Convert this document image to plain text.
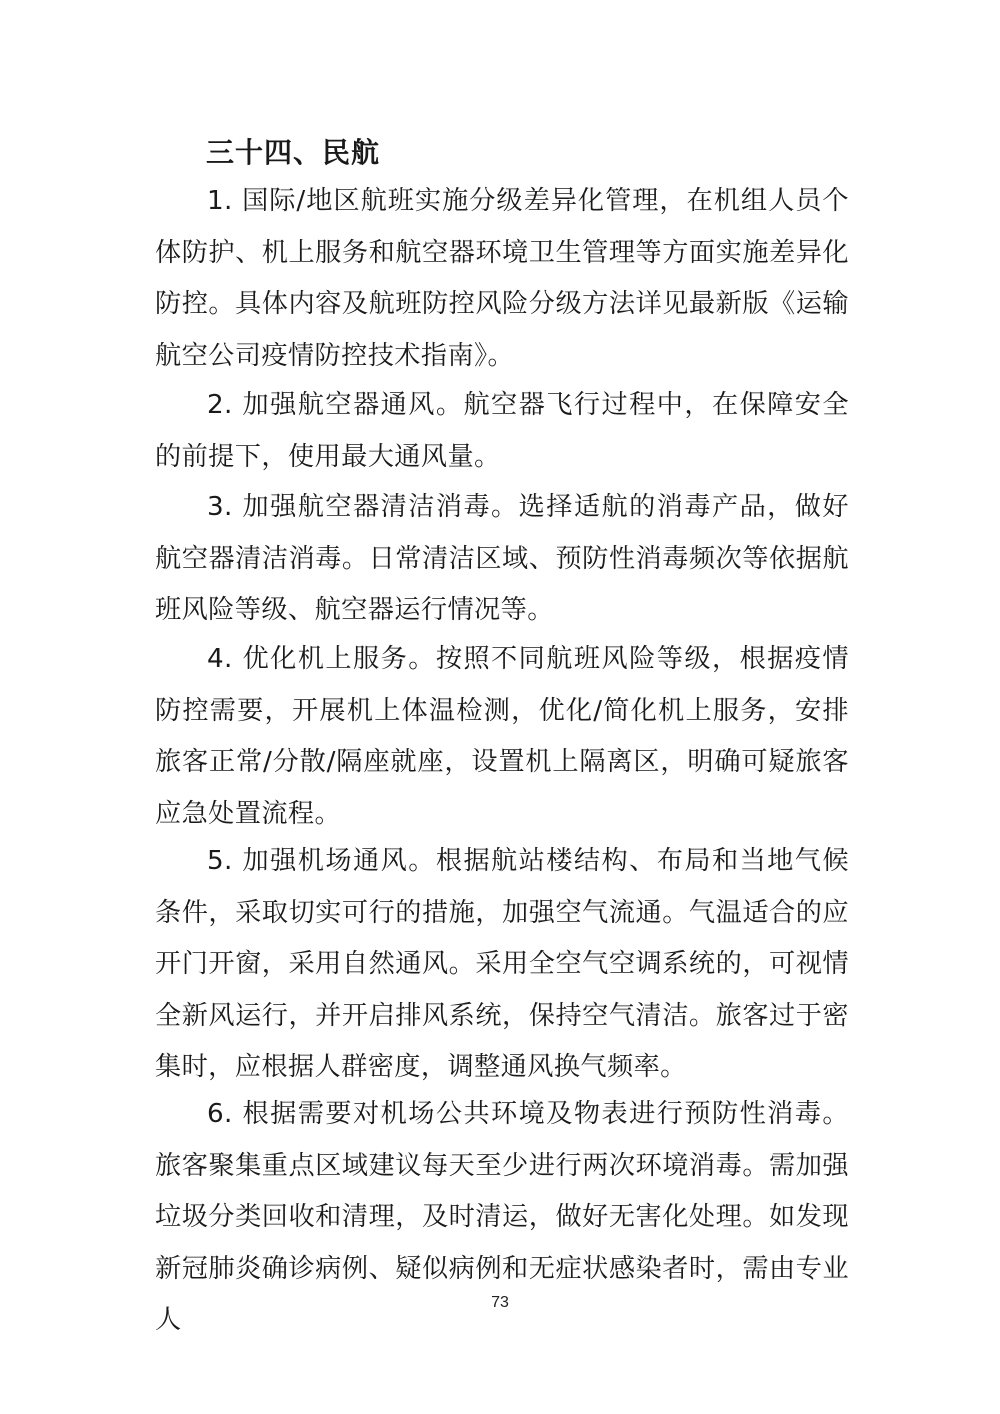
三十四、民航

1. 国际/地区航班实施分级差异化管理，在机组人员个体防护、机上服务和航空器环境卫生管理等方面实施差异化防控。具体内容及航班防控风险分级方法详见最新版《运输航空公司疫情防控技术指南》。

2. 加强航空器通风。航空器飞行过程中，在保障安全的前提下，使用最大通风量。

3. 加强航空器清洁消毒。选择适航的消毒产品，做好航空器清洁消毒。日常清洁区域、预防性消毒频次等依据航班风险等级、航空器运行情况等。

4. 优化机上服务。按照不同航班风险等级，根据疫情防控需要，开展机上体温检测，优化/简化机上服务，安排旅客正常/分散/隔座就座，设置机上隔离区，明确可疑旅客应急处置流程。

5. 加强机场通风。根据航站楼结构、布局和当地气候条件，采取切实可行的措施，加强空气流通。气温适合的应开门开窗，采用自然通风。采用全空气空调系统的，可视情全新风运行，并开启排风系统，保持空气清洁。旅客过于密集时，应根据人群密度，调整通风换气频率。

6. 根据需要对机场公共环境及物表进行预防性消毒。旅客聚集重点区域建议每天至少进行两次环境消毒。需加强垃圾分类回收和清理，及时清运，做好无害化处理。如发现新冠肺炎确诊病例、疑似病例和无症状感染者时，需由专业人

73
